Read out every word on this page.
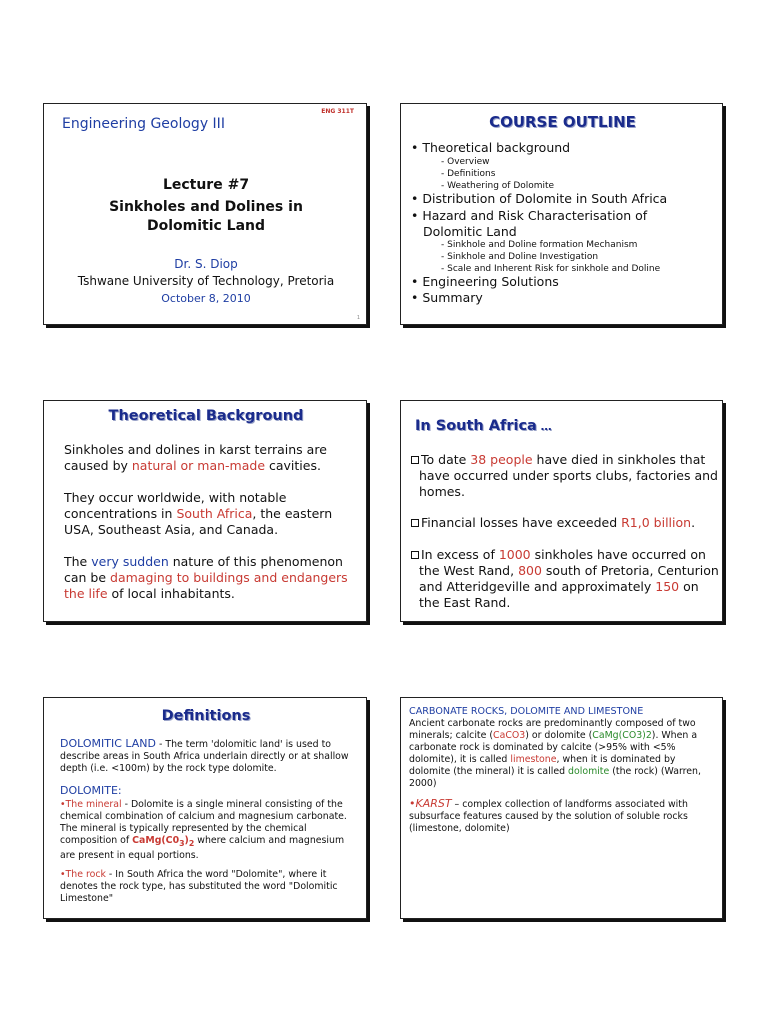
ENG 311T
Engineering Geology III
Lecture #7
Sinkholes and Dolines in
Dolomitic Land
Dr. S. Diop
Tshwane University of Technology, Pretoria
October 8, 2010
1
COURSE OUTLINE
• Theoretical background
- Overview
- Definitions
- Weathering of Dolomite
• Distribution of Dolomite in South Africa
• Hazard and Risk Characterisation of
Dolomitic Land
- Sinkhole and Doline formation Mechanism
- Sinkhole and Doline Investigation
- Scale and Inherent Risk for sinkhole and Doline
• Engineering Solutions
• Summary
Theoretical Background
Sinkholes and dolines in karst terrains are caused by natural or man-made cavities.
They occur worldwide, with notable concentrations in South Africa, the eastern USA, Southeast Asia, and Canada.
The very sudden nature of this phenomenon can be damaging to buildings and endangers the life of local inhabitants.
In South Africa …
To date 38 people have died in sinkholes that have occurred under sports clubs, factories and homes.
Financial losses have exceeded R1,0 billion.
In excess of 1000 sinkholes have occurred on the West Rand, 800 south of Pretoria, Centurion and Atteridgeville and approximately 150 on the East Rand.
Definitions
DOLOMITIC LAND - The term 'dolomitic land' is used to describe areas in South Africa underlain directly or at shallow depth (i.e. <100m) by the rock type dolomite.
DOLOMITE:
•The mineral - Dolomite is a single mineral consisting of the chemical combination of calcium and magnesium carbonate. The mineral is typically represented by the chemical composition of $CaMg(C0_3)_2$ where calcium and magnesium are present in equal portions.
•The rock - In South Africa the word "Dolomite", where it denotes the rock type, has substituted the word "Dolomitic Limestone"
CARBONATE ROCKS, DOLOMITE AND LIMESTONE
Ancient carbonate rocks are predominantly composed of two minerals; calcite (CaCO3) or dolomite (CaMg(CO3)2). When a carbonate rock is dominated by calcite (>95% with <5% dolomite), it is called limestone, when it is dominated by dolomite (the mineral) it is called dolomite (the rock) (Warren, 2000)
•KARST – complex collection of landforms associated with subsurface features caused by the solution of soluble rocks (limestone, dolomite)
